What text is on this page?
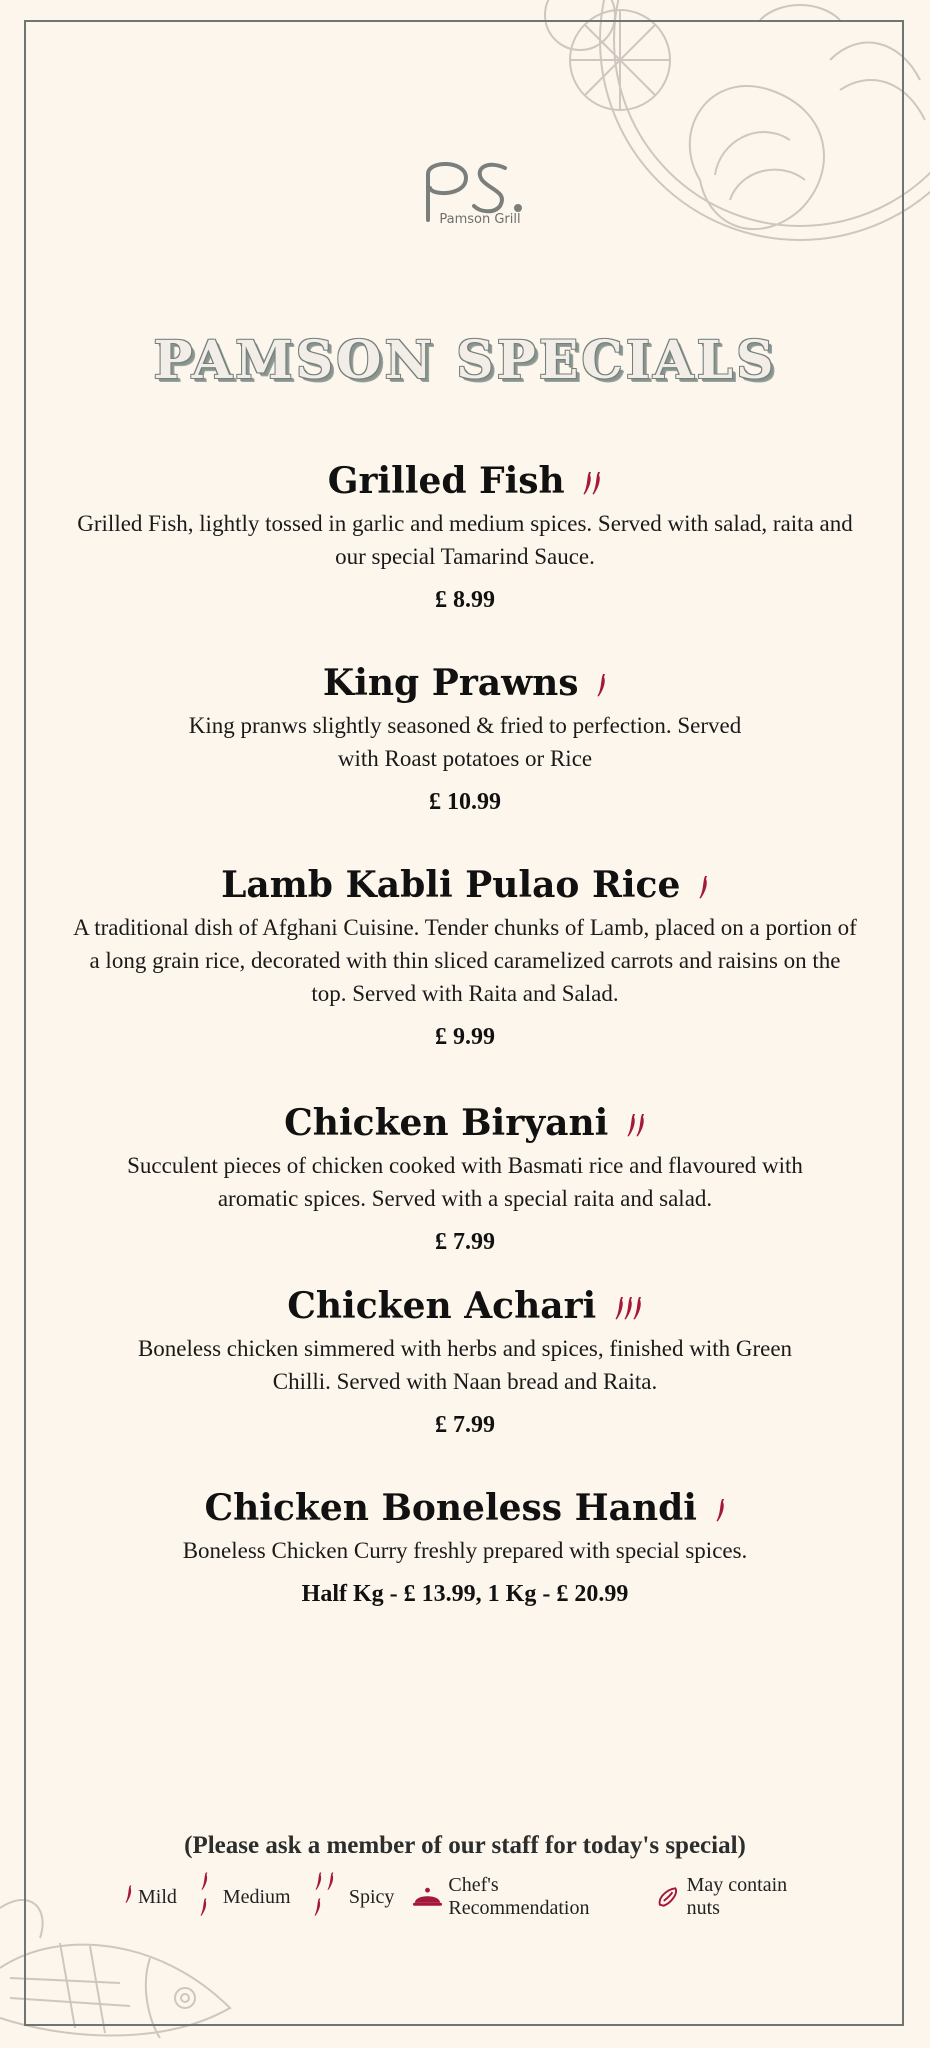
Pamson Grill
PAMSON SPECIALS
Grilled Fish
Grilled Fish, lightly tossed in garlic and medium spices. Served with salad, raita and our special Tamarind Sauce.
£ 8.99
King Prawns
King pranws slightly seasoned & fried to perfection. Served with Roast potatoes or Rice
£ 10.99
Lamb Kabli Pulao Rice
A traditional dish of Afghani Cuisine. Tender chunks of Lamb, placed on a portion of a long grain rice, decorated with thin sliced caramelized carrots and raisins on the top. Served with Raita and Salad.
£ 9.99
Chicken Biryani
Succulent pieces of chicken cooked with Basmati rice and flavoured with aromatic spices. Served with a special raita and salad.
£ 7.99
Chicken Achari
Boneless chicken simmered with herbs and spices, finished with Green Chilli. Served with Naan bread and Raita.
£ 7.99
Chicken Boneless Handi
Boneless Chicken Curry freshly prepared with special spices.
Half Kg - £ 13.99, 1 Kg - £ 20.99
(Please ask a member of our staff for today's special)
Mild Medium	Spicy
Chef's Recommendation
May contain nuts
